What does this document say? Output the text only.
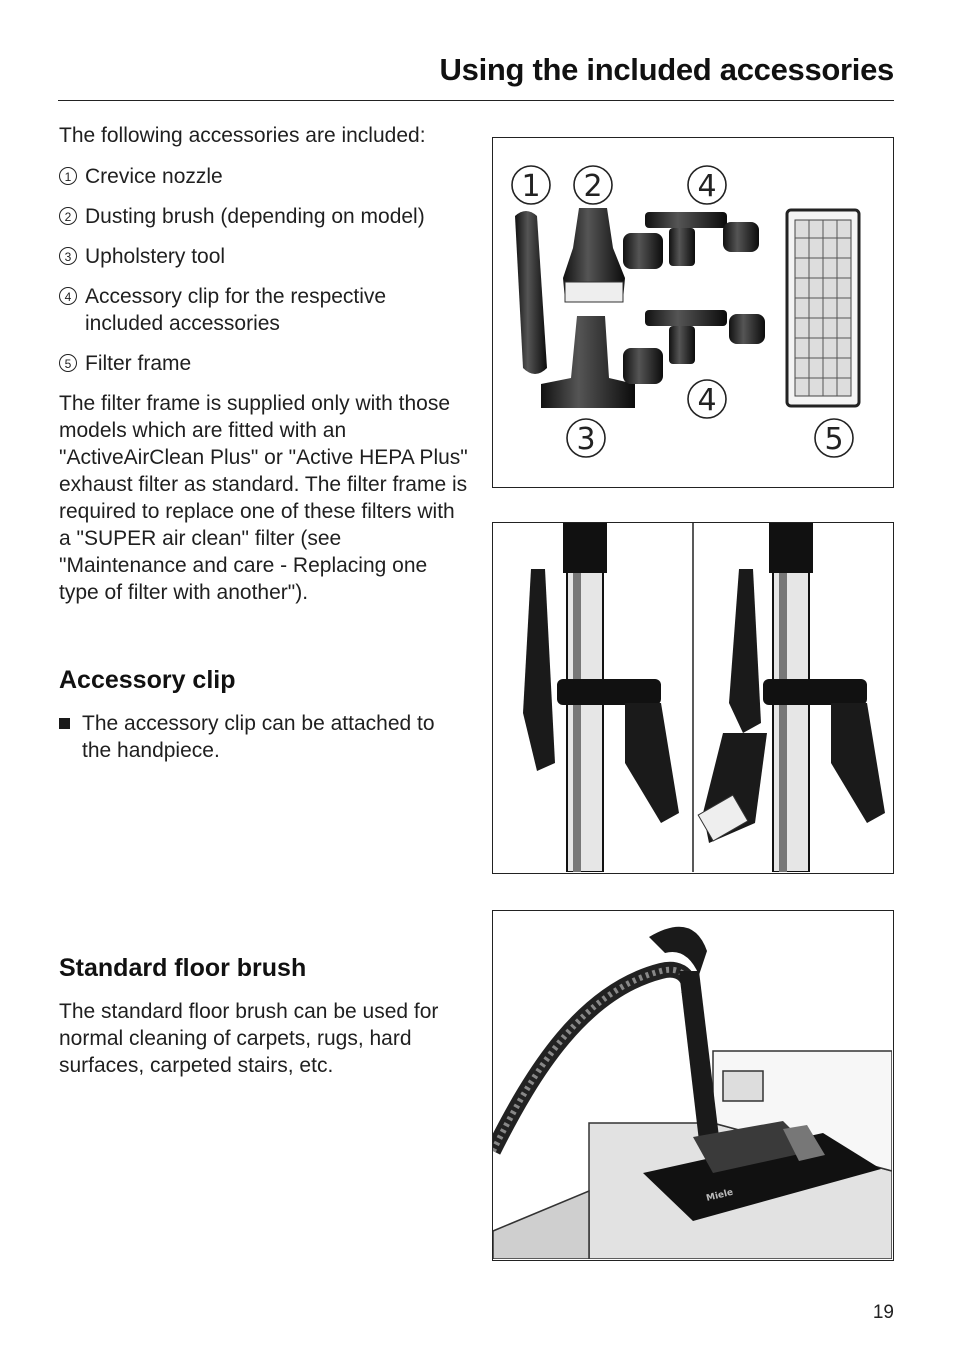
Using the included accessories

The following accessories are included:

1 Crevice nozzle
2 Dusting brush (depending on model)
3 Upholstery tool
4 Accessory clip for the respective included accessories
5 Filter frame

The filter frame is supplied only with those models which are fitted with an "ActiveAirClean Plus" or "Active HEPA Plus" exhaust filter as standard. The filter frame is required to replace one of these filters with a "SUPER air clean" filter (see "Maintenance and care - Replacing one type of filter with another").

Accessory clip
The accessory clip can be attached to the handpiece.
Standard floor brush

The standard floor brush can be used for normal cleaning of carpets, rugs, hard surfaces, carpeted stairs, etc.

1 2	4
4
3	5
Miele
19
